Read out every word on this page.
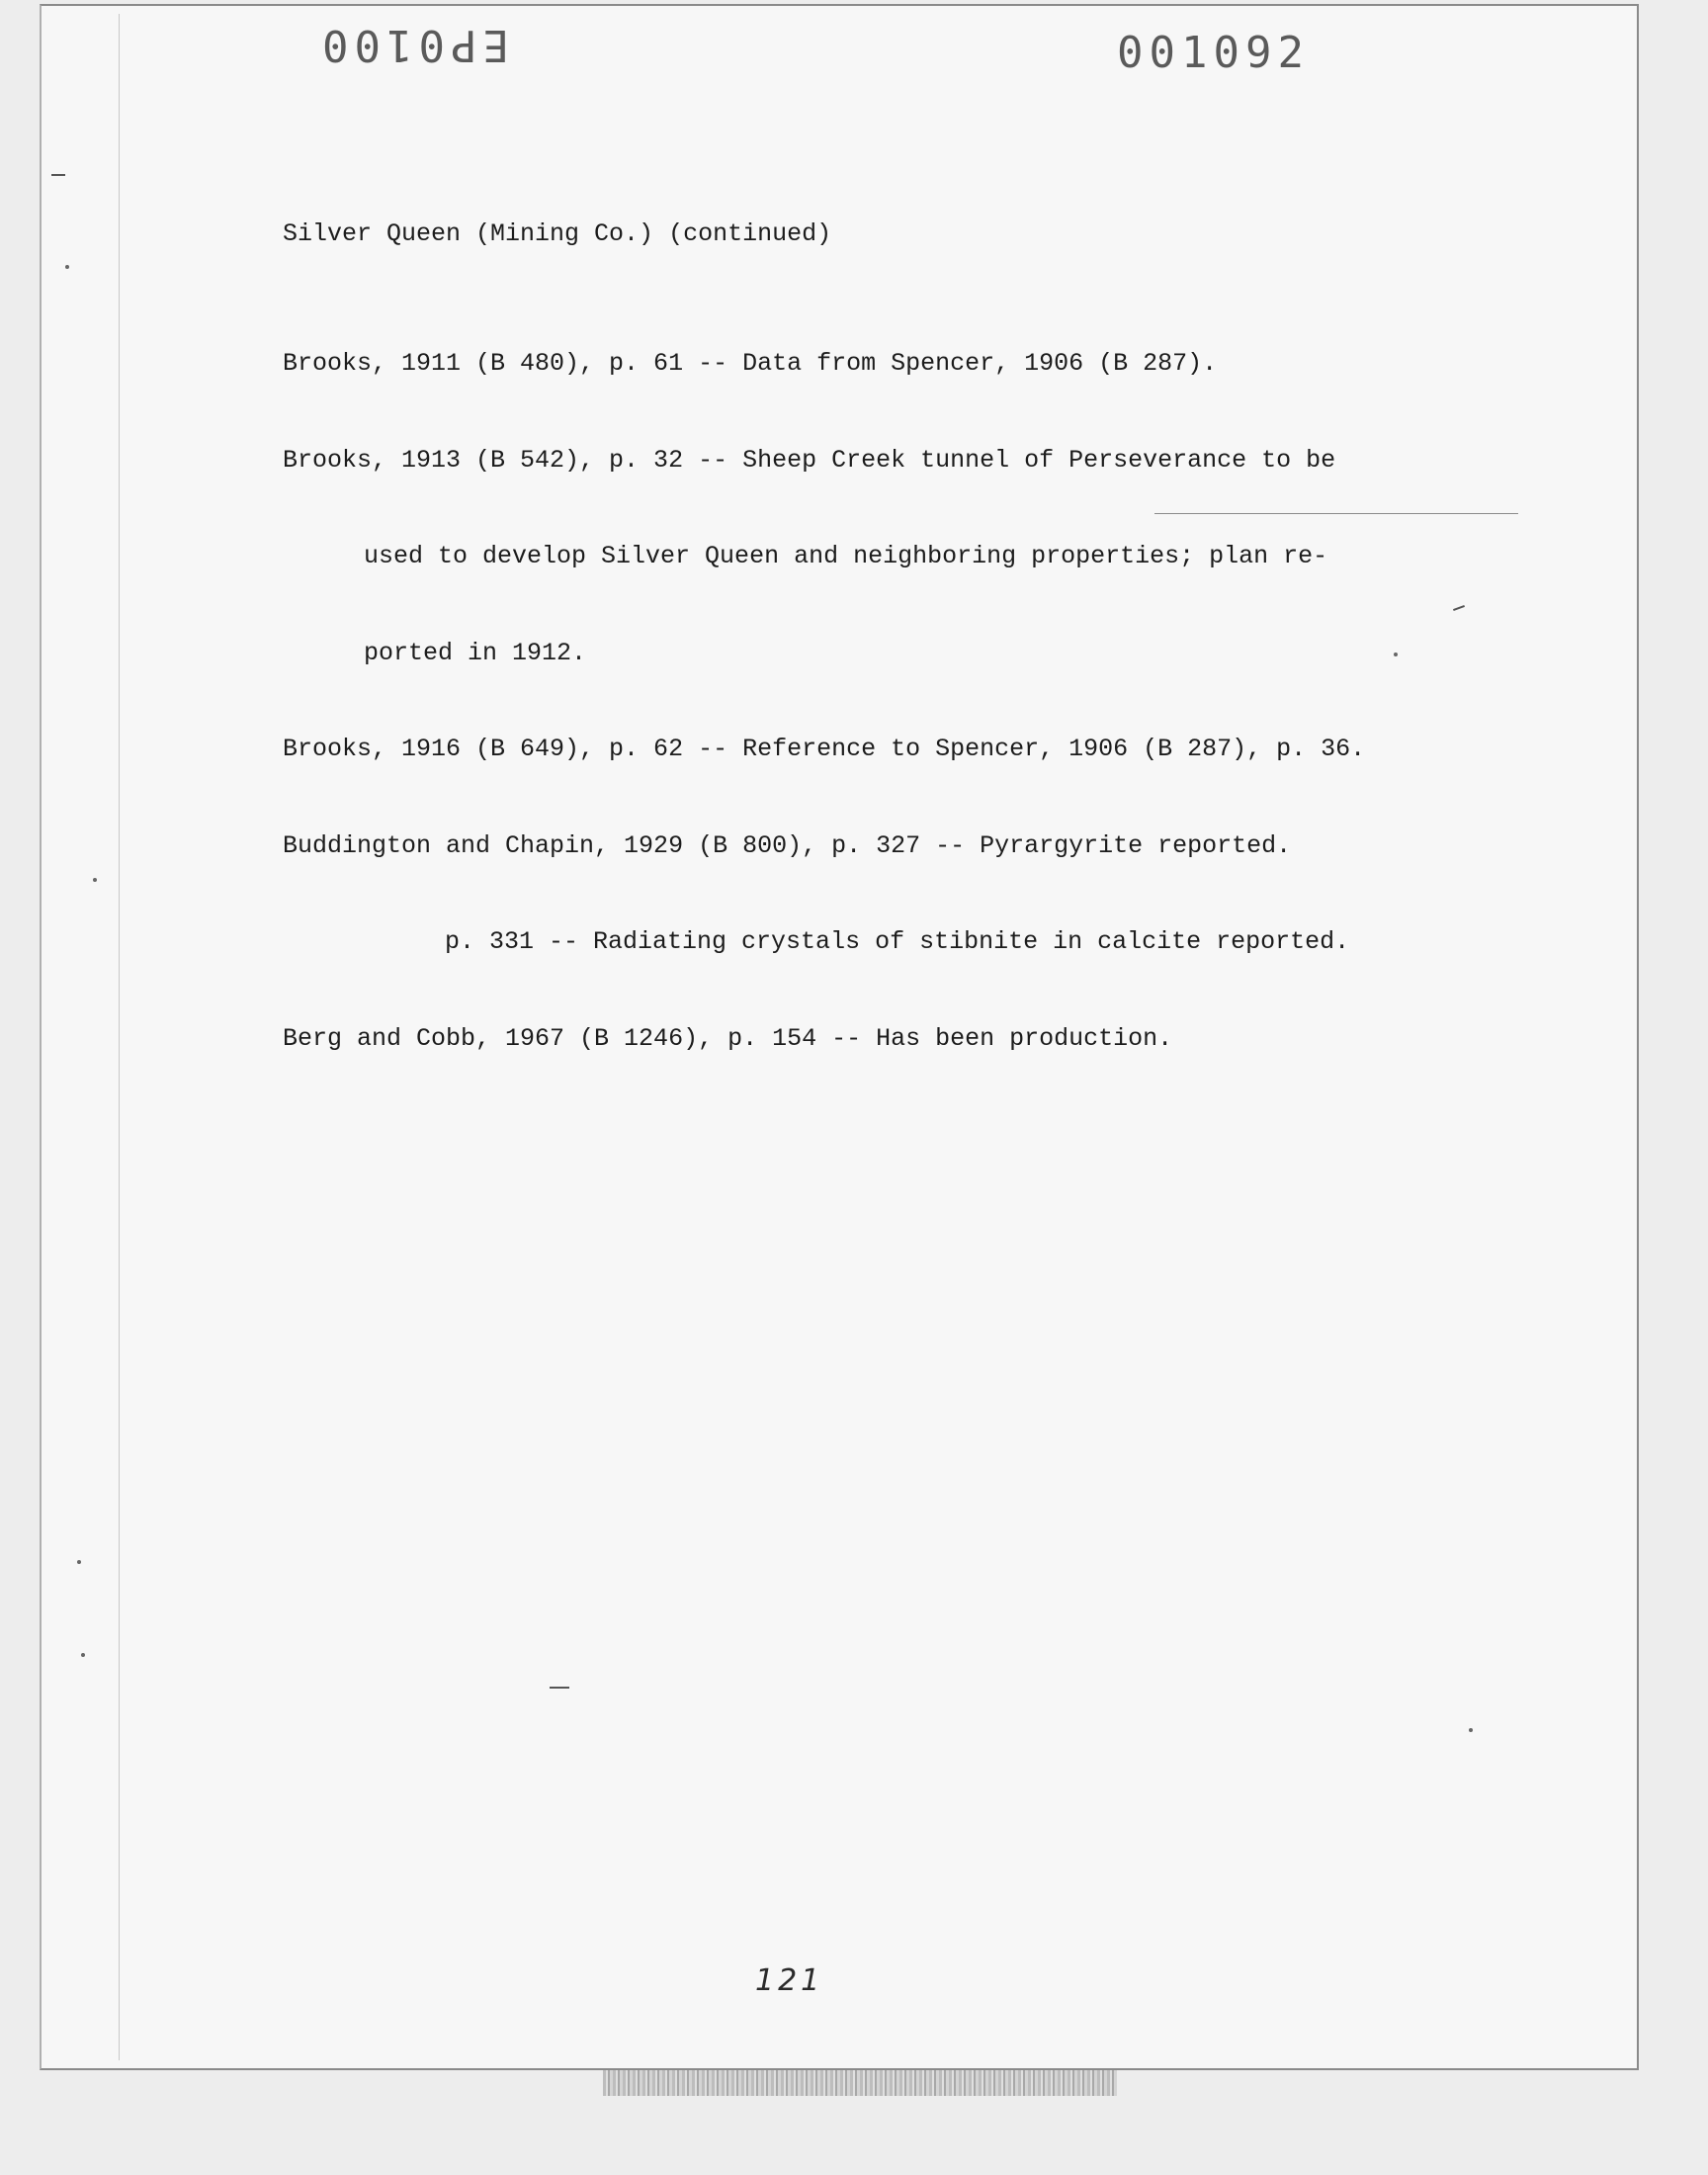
EP0100	001092
Silver Queen (Mining Co.) (continued)

Brooks, 1911 (B 480), p. 61 -- Data from Spencer, 1906 (B 287).

Brooks, 1913 (B 542), p. 32 -- Sheep Creek tunnel of Perseverance to be

used to develop Silver Queen and neighboring properties; plan re-

ported in 1912.

Brooks, 1916 (B 649), p. 62 -- Reference to Spencer, 1906 (B 287), p. 36.

Buddington and Chapin, 1929 (B 800), p. 327 -- Pyrargyrite reported.

p. 331 -- Radiating crystals of stibnite in calcite reported.

Berg and Cobb, 1967 (B 1246), p. 154 -- Has been production.

121
